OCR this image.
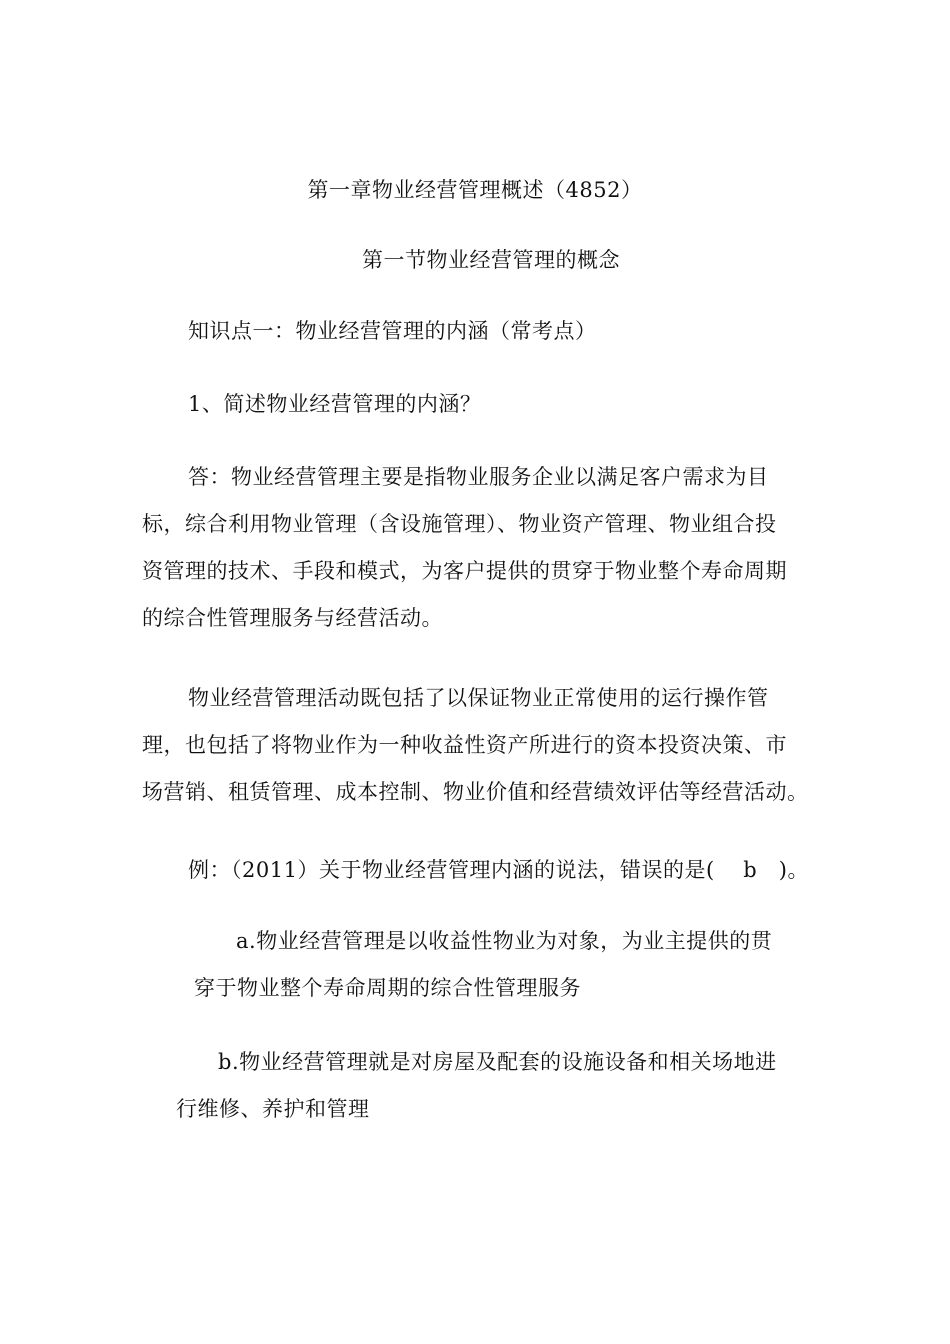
第一章物业经营管理概述（4852）
第一节物业经营管理的概念
知识点一：物业经营管理的内涵（常考点）
1、简述物业经营管理的内涵？
答：物业经营管理主要是指物业服务企业以满足客户需求为目
标，综合利用物业管理（含设施管理）、物业资产管理、物业组合投
资管理的技术、手段和模式，为客户提供的贯穿于物业整个寿命周期
的综合性管理服务与经营活动。
物业经营管理活动既包括了以保证物业正常使用的运行操作管
理，也包括了将物业作为一种收益性资产所进行的资本投资决策、市
场营销、租赁管理、成本控制、物业价值和经营绩效评估等经营活动。
例：（2011）关于物业经营管理内涵的说法，错误的是(　 b　)。
a.物业经营管理是以收益性物业为对象，为业主提供的贯
穿于物业整个寿命周期的综合性管理服务
b.物业经营管理就是对房屋及配套的设施设备和相关场地进
行维修、养护和管理
